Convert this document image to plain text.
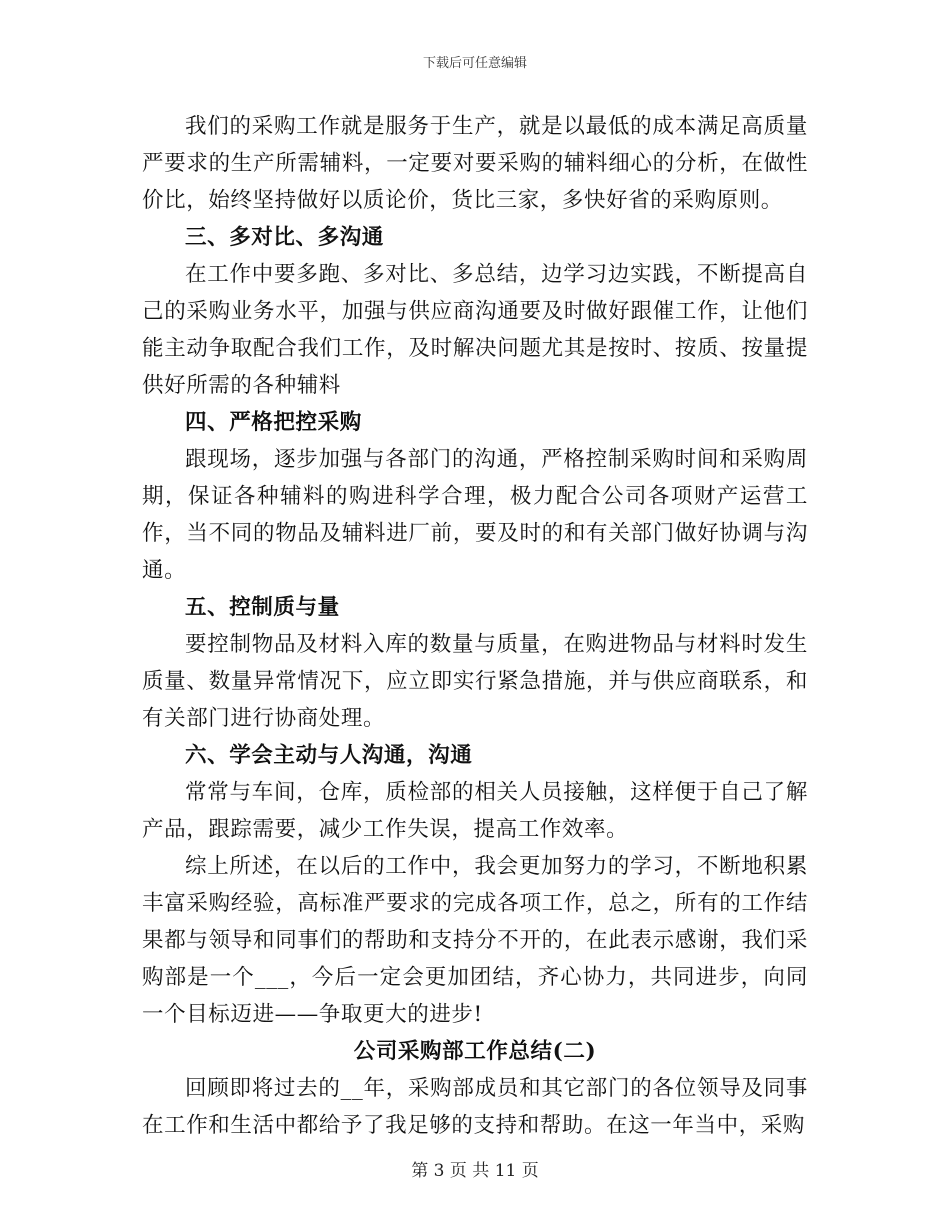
下载后可任意编辑

我们的采购工作就是服务于生产，就是以最低的成本满足高质量严要求的生产所需辅料，一定要对要采购的辅料细心的分析，在做性价比，始终坚持做好以质论价，货比三家，多快好省的采购原则。

三、多对比、多沟通

在工作中要多跑、多对比、多总结，边学习边实践，不断提高自己的采购业务水平，加强与供应商沟通要及时做好跟催工作，让他们能主动争取配合我们工作，及时解决问题尤其是按时、按质、按量提供好所需的各种辅料

四、严格把控采购

跟现场，逐步加强与各部门的沟通，严格控制采购时间和采购周期，保证各种辅料的购进科学合理，极力配合公司各项财产运营工作，当不同的物品及辅料进厂前，要及时的和有关部门做好协调与沟通。

五、控制质与量

要控制物品及材料入库的数量与质量，在购进物品与材料时发生质量、数量异常情况下，应立即实行紧急措施，并与供应商联系，和有关部门进行协商处理。

六、学会主动与人沟通，沟通

常常与车间，仓库，质检部的相关人员接触，这样便于自己了解产品，跟踪需要，减少工作失误，提高工作效率。

综上所述，在以后的工作中，我会更加努力的学习，不断地积累丰富采购经验，高标准严要求的完成各项工作，总之，所有的工作结果都与领导和同事们的帮助和支持分不开的，在此表示感谢，我们采购部是一个___，今后一定会更加团结，齐心协力，共同进步，向同一个目标迈进——争取更大的进步!

公司采购部工作总结(二)

回顾即将过去的__年，采购部成员和其它部门的各位领导及同事在工作和生活中都给予了我足够的支持和帮助。在这一年当中，采购

第 3 页 共 11 页
